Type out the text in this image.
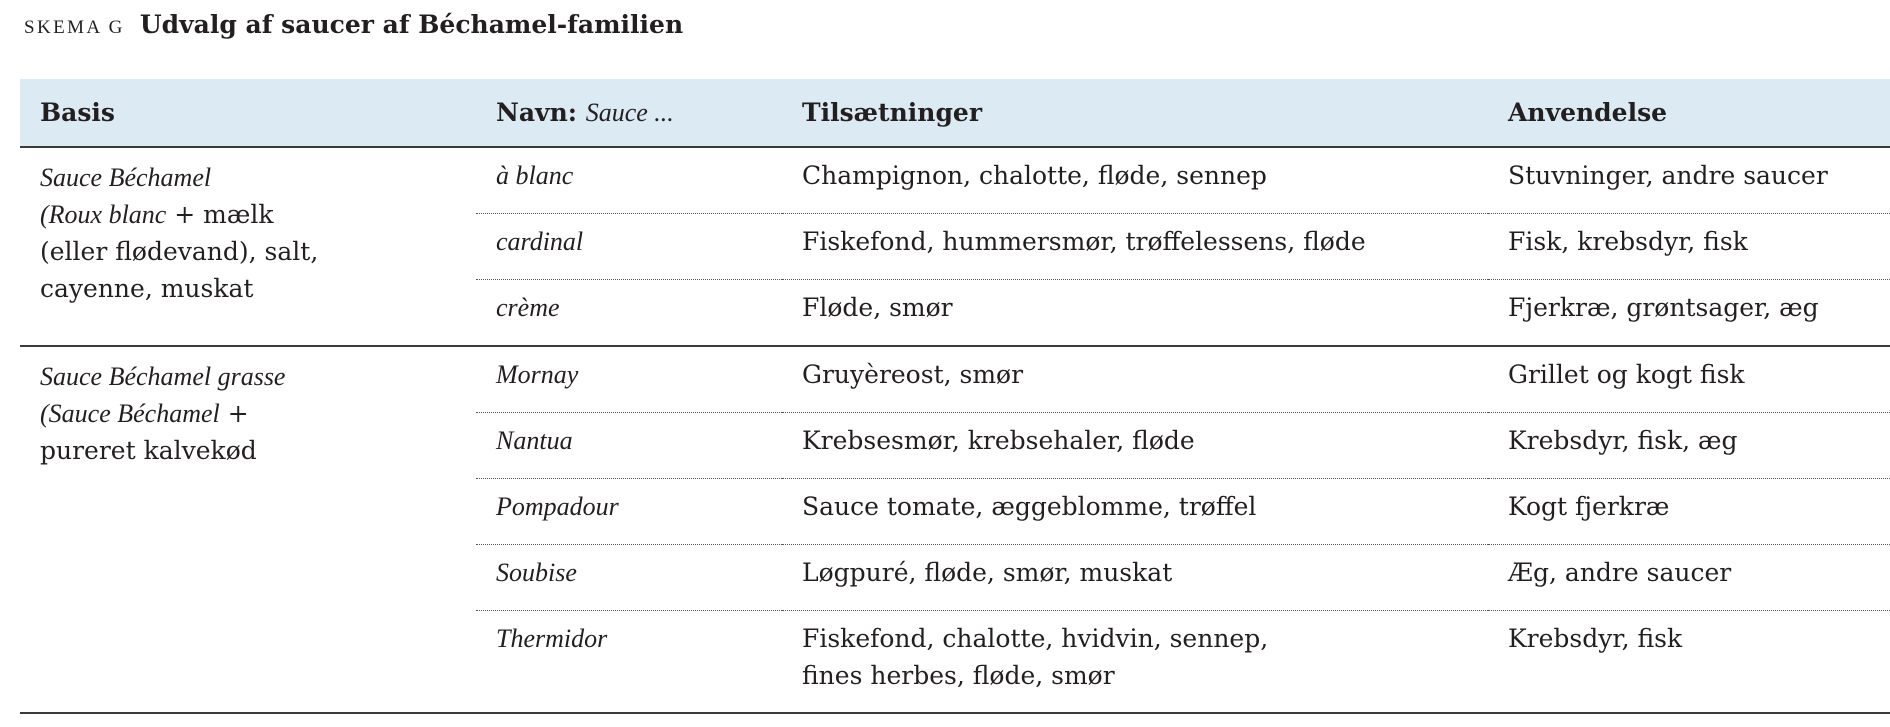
SKEMA G Udvalg af saucer af Béchamel-familien
Basis	Navn: Sauce ...	Tilsætninger	Anvendelse

Sauce Béchamel
(Roux blanc + mælk
(eller flødevand), salt,
cayenne, muskat	à blanc	Champignon, chalotte, fløde, sennep	Stuvninger, andre saucer
	cardinal	Fiskefond, hummersmør, trøffelessens, fløde	Fisk, krebsdyr, fisk
	crème	Fløde, smør	Fjerkræ, grøntsager, æg

Sauce Béchamel grasse
(Sauce Béchamel +
pureret kalvekød	Mornay	Gruyèreost, smør	Grillet og kogt fisk
	Nantua	Krebsesmør, krebsehaler, fløde	Krebsdyr, fisk, æg
	Pompadour	Sauce tomate, æggeblomme, trøffel	Kogt fjerkræ
	Soubise	Løgpuré, fløde, smør, muskat	Æg, andre saucer
	Thermidor	Fiskefond, chalotte, hvidvin, sennep,
fines herbes, fløde, smør	Krebsdyr, fisk
